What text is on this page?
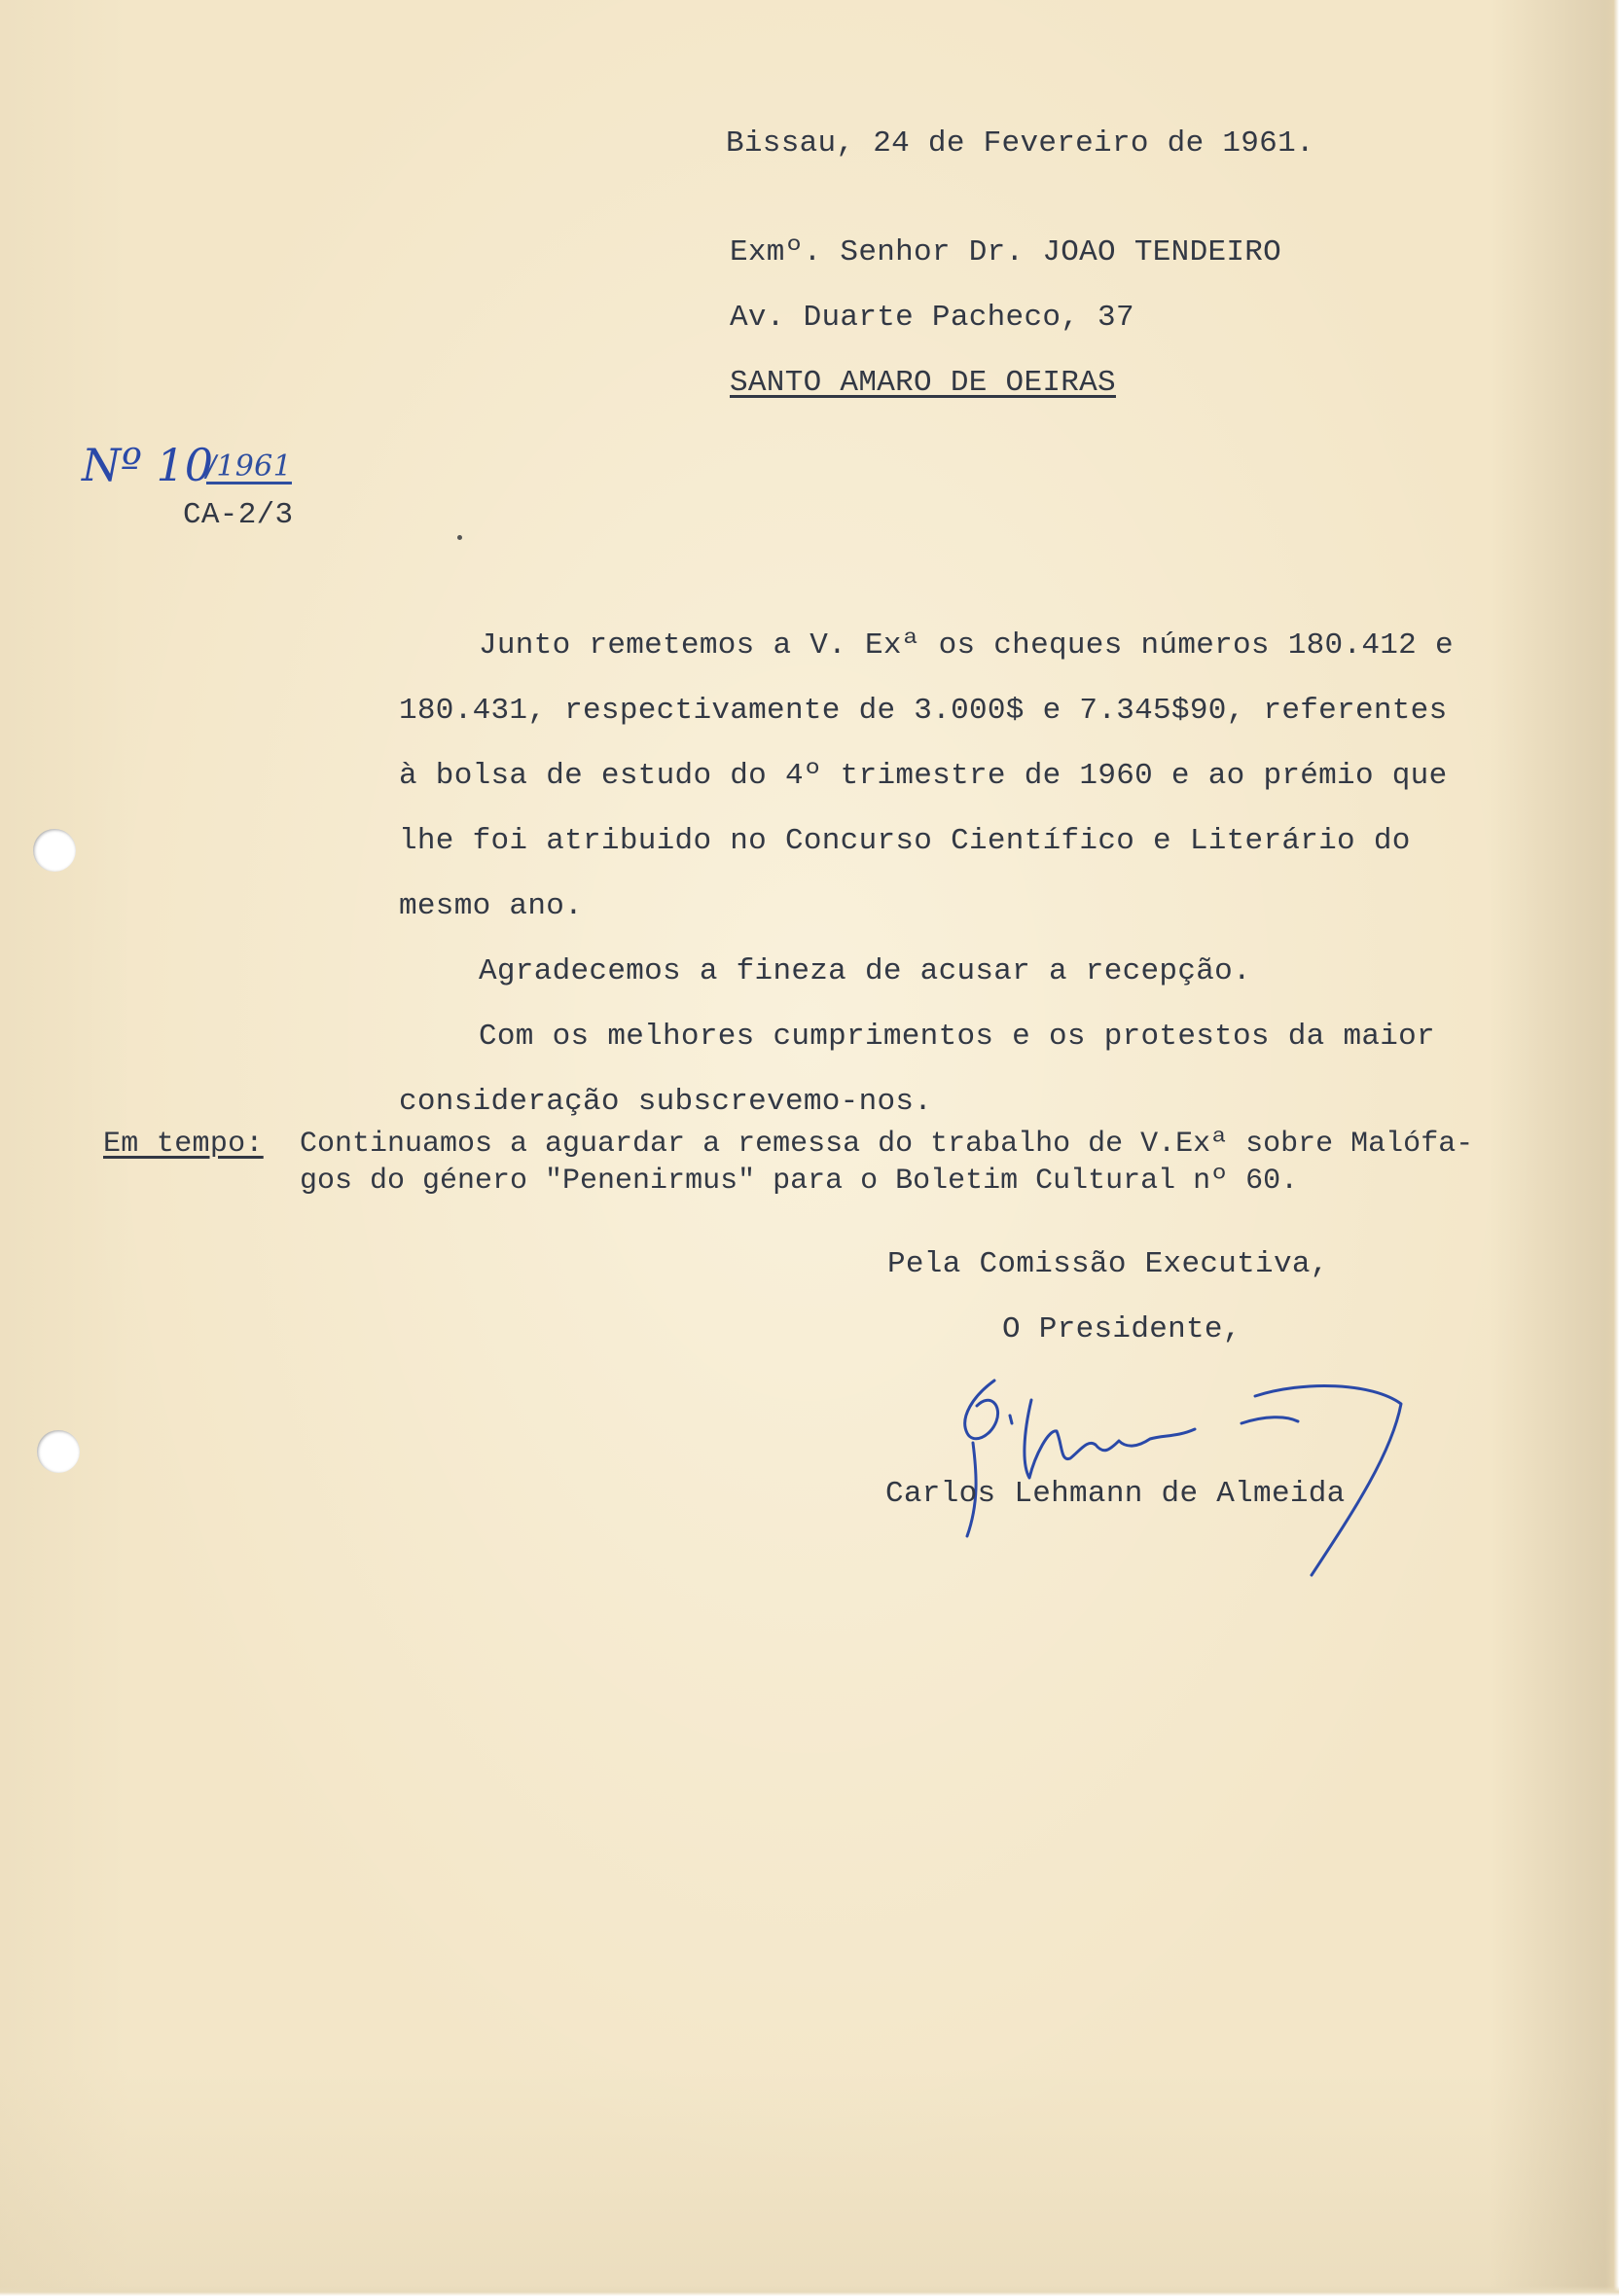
Bissau, 24 de Fevereiro de 1961.
Exmº. Senhor Dr. JOAO TENDEIRO
Av. Duarte Pacheco, 37
SANTO AMARO DE OEIRAS
Nº 10
/1961
CA-2/3
Junto remetemos a V. Exª os cheques números 180.412 e
180.431, respectivamente de 3.000$ e 7.345$90, referentes
à bolsa de estudo do 4º trimestre de 1960 e ao prémio que
lhe foi atribuido no Concurso Científico e Literário do
mesmo ano.
Agradecemos a fineza de acusar a recepção.
Com os melhores cumprimentos e os protestos da maior
consideração subscrevemo-nos.
Em tempo: Continuamos a aguardar a remessa do trabalho de V.Exª sobre Malófa-
gos do género "Penenirmus" para o Boletim Cultural nº 60.
Pela Comissão Executiva,
O Presidente,
Carlos Lehmann de Almeida
